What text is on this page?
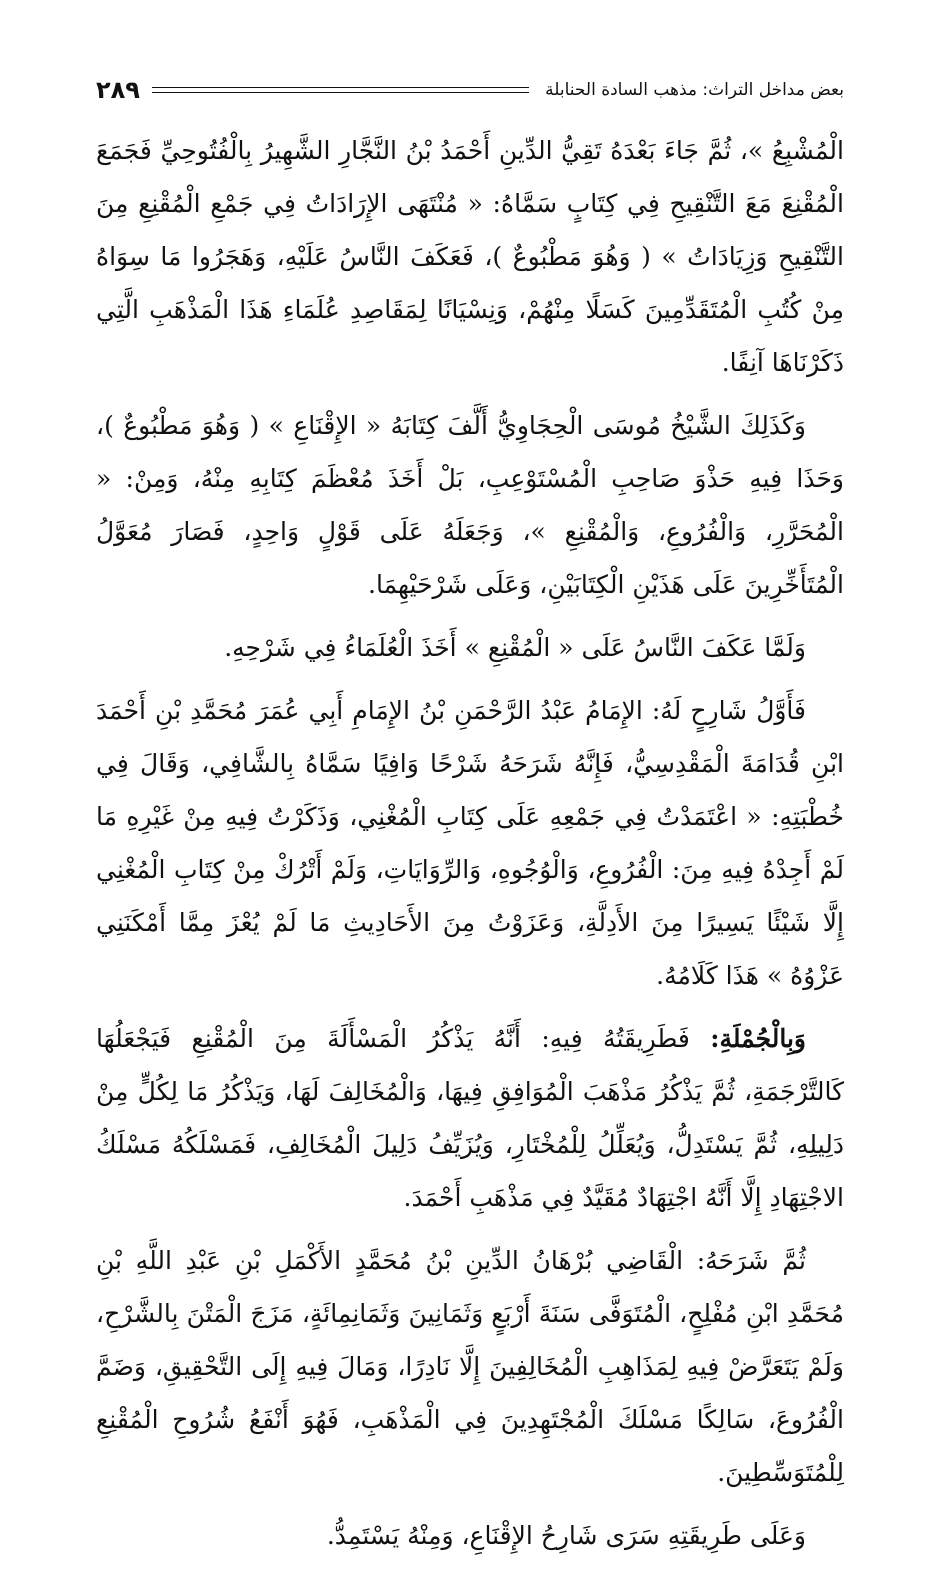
بعض مداخل التراث: مذهب السادة الحنابلة
٢٨٩

الْمُشْبِعُ »، ثُمَّ جَاءَ بَعْدَهُ تَقِيُّ الدِّينِ أَحْمَدُ بْنُ النَّجَّارِ الشَّهِيرُ بِالْفُتُوحِيِّ فَجَمَعَ الْمُقْنِعَ مَعَ التَّنْقِيحِ فِي كِتَابٍ سَمَّاهُ: « مُنْتَهَى الإِرَادَاتُ فِي جَمْعِ الْمُقْنِعِ مِنَ التَّنْقِيحِ وَزِيَادَاتُ » ( وَهُوَ مَطْبُوعٌ )، فَعَكَفَ النَّاسُ عَلَيْهِ، وَهَجَرُوا مَا سِوَاهُ مِنْ كُتُبِ الْمُتَقَدِّمِينَ كَسَلًا مِنْهُمْ، وَنِسْيَانًا لِمَقَاصِدِ عُلَمَاءِ هَذَا الْمَذْهَبِ الَّتِي ذَكَرْنَاهَا آنِفًا.

وَكَذَلِكَ الشَّيْخُ مُوسَى الْحِجَاوِيُّ أَلَّفَ كِتَابَهُ « الإِقْنَاعِ » ( وَهُوَ مَطْبُوعٌ )، وَحَذَا فِيهِ حَذْوَ صَاحِبِ الْمُسْتَوْعِبِ، بَلْ أَخَذَ مُعْظَمَ كِتَابِهِ مِنْهُ، وَمِنْ: « الْمُحَرَّرِ، وَالْفُرُوعِ، وَالْمُقْنِعِ »، وَجَعَلَهُ عَلَى قَوْلٍ وَاحِدٍ، فَصَارَ مُعَوَّلُ الْمُتَأَخِّرِينَ عَلَى هَذَيْنِ الْكِتَابَيْنِ، وَعَلَى شَرْحَيْهِمَا.

وَلَمَّا عَكَفَ النَّاسُ عَلَى « الْمُقْنِعِ » أَخَذَ الْعُلَمَاءُ فِي شَرْحِهِ.

فَأَوَّلُ شَارِحٍ لَهُ: الإِمَامُ عَبْدُ الرَّحْمَنِ بْنُ الإِمَامِ أَبِي عُمَرَ مُحَمَّدِ بْنِ أَحْمَدَ ابْنِ قُدَامَةَ الْمَقْدِسِيُّ، فَإِنَّهُ شَرَحَهُ شَرْحًا وَافِيًا سَمَّاهُ بِالشَّافِي، وَقَالَ فِي خُطْبَتِهِ: « اعْتَمَدْتُ فِي جَمْعِهِ عَلَى كِتَابِ الْمُغْنِي، وَذَكَرْتُ فِيهِ مِنْ غَيْرِهِ مَا لَمْ أَجِدْهُ فِيهِ مِنَ: الْفُرُوعِ، وَالْوُجُوهِ، وَالرِّوَايَاتِ، وَلَمْ أَتْرُكْ مِنْ كِتَابِ الْمُغْنِي إِلَّا شَيْئًا يَسِيرًا مِنَ الأَدِلَّةِ، وَعَزَوْتُ مِنَ الأَحَادِيثِ مَا لَمْ يُعْزَ مِمَّا أَمْكَنَنِي عَزْوُهُ » هَذَا كَلَامُهُ.

وَبِالْجُمْلَةِ: فَطَرِيقَتُهُ فِيهِ: أَنَّهُ يَذْكُرُ الْمَسْأَلَةَ مِنَ الْمُقْنِعِ فَيَجْعَلُهَا كَالتَّرْجَمَةِ، ثُمَّ يَذْكُرُ مَذْهَبَ الْمُوَافِقِ فِيهَا، وَالْمُخَالِفَ لَهَا، وَيَذْكُرُ مَا لِكُلٍّ مِنْ دَلِيلِهِ، ثُمَّ يَسْتَدِلُّ، وَيُعَلِّلُ لِلْمُخْتَارِ، وَيُزَيِّفُ دَلِيلَ الْمُخَالِفِ، فَمَسْلَكُهُ مَسْلَكُ الاجْتِهَادِ إِلَّا أَنَّهُ اجْتِهَادٌ مُقَيَّدٌ فِي مَذْهَبِ أَحْمَدَ.

ثُمَّ شَرَحَهُ: الْقَاضِي بُرْهَانُ الدِّينِ بْنُ مُحَمَّدٍ الأَكْمَلِ بْنِ عَبْدِ اللَّهِ بْنِ مُحَمَّدِ ابْنِ مُفْلِحٍ، الْمُتَوَفَّى سَنَةَ أَرْبَعٍ وَثَمَانِينَ وَثَمَانِمِائَةٍ، مَزَجَ الْمَتْنَ بِالشَّرْحِ، وَلَمْ يَتَعَرَّضْ فِيهِ لِمَذَاهِبِ الْمُخَالِفِينَ إِلَّا نَادِرًا، وَمَالَ فِيهِ إِلَى التَّحْقِيقِ، وَضَمَّ الْفُرُوعَ، سَالِكًا مَسْلَكَ الْمُجْتَهِدِينَ فِي الْمَذْهَبِ، فَهُوَ أَنْفَعُ شُرُوحِ الْمُقْنِعِ لِلْمُتَوَسِّطِينَ.

وَعَلَى طَرِيقَتِهِ سَرَى شَارِحُ الإِقْنَاعِ، وَمِنْهُ يَسْتَمِدُّ.
